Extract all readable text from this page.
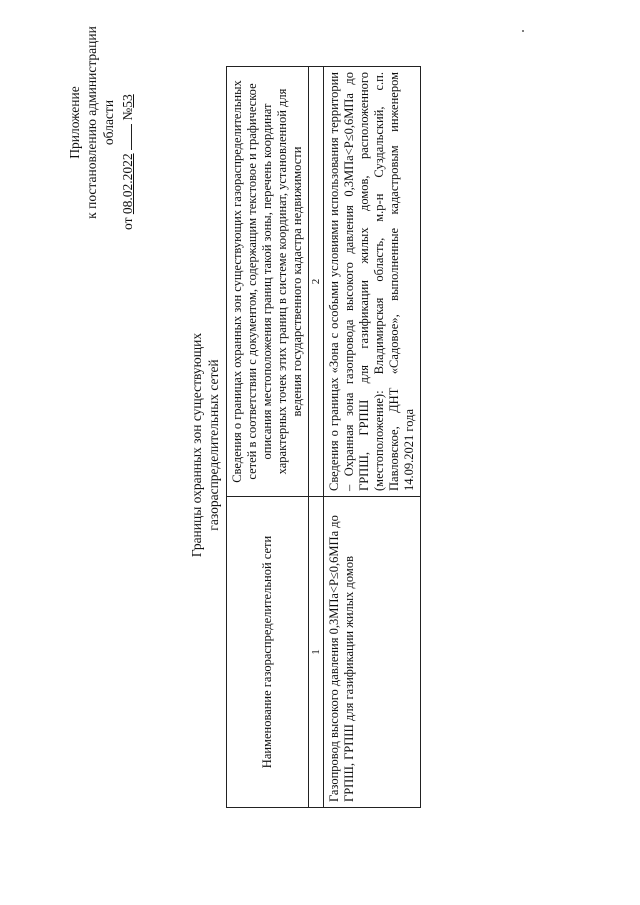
Приложение к постановлению администрации области
от 08.02.2022  №53
Границы охранных зон существующих газораспределительных сетей
Наименование газораспределительной сети	Сведения о границах охранных зон существующих газораспределительных сетей в соответствии с документом, содержащим текстовое и графическое описания местоположения границ такой зоны, перечень координат характерных точек этих границ в системе координат, установленной для ведения государственного кадастра недвижимости
1	2
Газопровод высокого давления 0,3МПа<P≤0,6МПа до ГРПШ, ГРПШ для газификации жилых домов	Сведения о границах «Зона с особыми условиями использования территории – Охранная зона газопровода высокого давления 0,3МПа<P≤0,6МПа до ГРПШ, ГРПШ для газификации жилых домов, расположенного (местоположение): Владимирская область, м.р-н Суздальский, с.п. Павловское, ДНТ «Садовое», выполненные кадастровым инженером 14.09.2021 года
